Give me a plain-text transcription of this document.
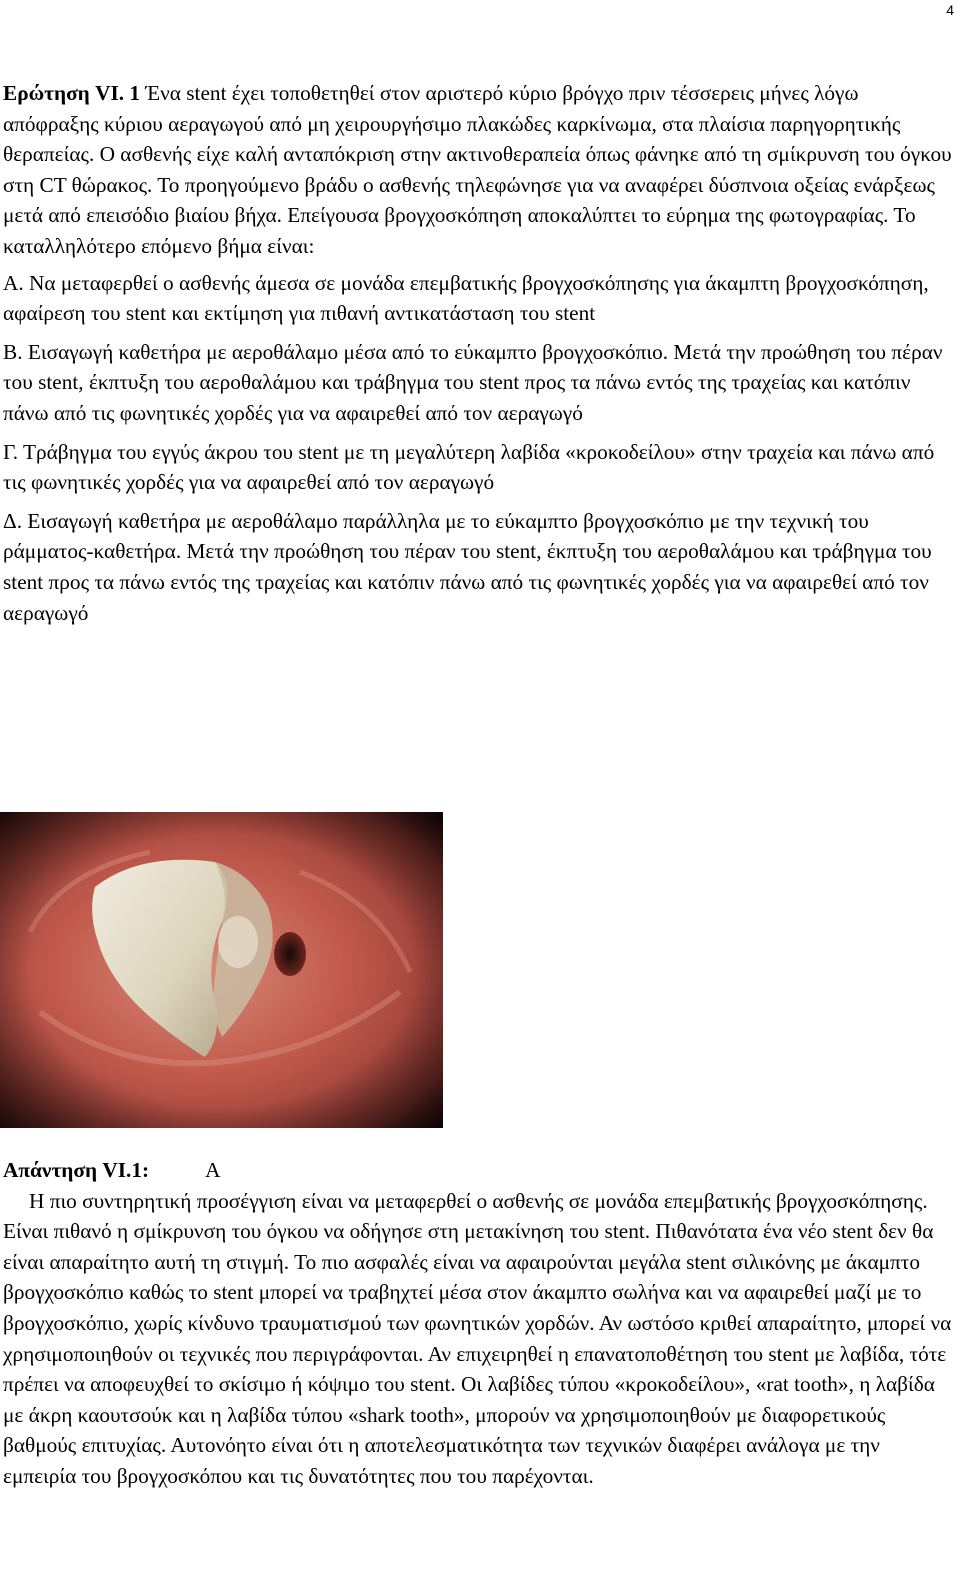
4

Ερώτηση VI. 1 Ένα stent έχει τοποθετηθεί στον αριστερό κύριο βρόγχο πριν τέσσερεις μήνες λόγω απόφραξης κύριου αεραγωγού από μη χειρουργήσιμο πλακώδες καρκίνωμα, στα πλαίσια παρηγορητικής θεραπείας. Ο ασθενής είχε καλή ανταπόκριση στην ακτινοθεραπεία όπως φάνηκε από τη σμίκρυνση του όγκου στη CT θώρακος. Το προηγούμενο βράδυ ο ασθενής τηλεφώνησε για να αναφέρει δύσπνοια οξείας ενάρξεως μετά από επεισόδιο βιαίου βήχα. Επείγουσα βρογχοσκόπηση αποκαλύπτει το εύρημα της φωτογραφίας. Το καταλληλότερο επόμενο βήμα είναι:

Α. Να μεταφερθεί ο ασθενής άμεσα σε μονάδα επεμβατικής βρογχοσκόπησης για άκαμπτη βρογχοσκόπηση, αφαίρεση του stent και εκτίμηση για πιθανή αντικατάσταση του stent

Β. Εισαγωγή καθετήρα με αεροθάλαμο μέσα από το εύκαμπτο βρογχοσκόπιο. Μετά την προώθηση του πέραν του stent, έκπτυξη του αεροθαλάμου και τράβηγμα του stent προς τα πάνω εντός της τραχείας και κατόπιν πάνω από τις φωνητικές χορδές για να αφαιρεθεί από τον αεραγωγό

Γ. Τράβηγμα του εγγύς άκρου του stent με τη μεγαλύτερη λαβίδα «κροκοδείλου» στην τραχεία και πάνω από τις φωνητικές χορδές για να αφαιρεθεί από τον αεραγωγό

Δ. Εισαγωγή καθετήρα με αεροθάλαμο παράλληλα με το εύκαμπτο βρογχοσκόπιο με την τεχνική του ράμματος-καθετήρα. Μετά την προώθηση του πέραν του stent, έκπτυξη του αεροθαλάμου και τράβηγμα του stent προς τα πάνω εντός της τραχείας και κατόπιν πάνω από τις φωνητικές χορδές για να αφαιρεθεί από τον αεραγωγό

Απάντηση VI.1:	Α

Η πιο συντηρητική προσέγγιση είναι να μεταφερθεί ο ασθενής σε μονάδα επεμβατικής βρογχοσκόπησης. Είναι πιθανό η σμίκρυνση του όγκου να οδήγησε στη μετακίνηση του stent. Πιθανότατα ένα νέο stent δεν θα είναι απαραίτητο αυτή τη στιγμή. Το πιο ασφαλές είναι να αφαιρούνται μεγάλα stent σιλικόνης με άκαμπτο βρογχοσκόπιο καθώς το stent μπορεί να τραβηχτεί μέσα στον άκαμπτο σωλήνα και να αφαιρεθεί μαζί με το βρογχοσκόπιο, χωρίς κίνδυνο τραυματισμού των φωνητικών χορδών. Αν ωστόσο κριθεί απαραίτητο, μπορεί να χρησιμοποιηθούν οι τεχνικές που περιγράφονται. Αν επιχειρηθεί η επανατοποθέτηση του stent με λαβίδα, τότε πρέπει να αποφευχθεί το σκίσιμο ή κόψιμο του stent. Οι λαβίδες τύπου «κροκοδείλου», «rat tooth», η λαβίδα με άκρη καουτσούκ και η λαβίδα τύπου «shark tooth», μπορούν να χρησιμοποιηθούν με διαφορετικούς βαθμούς επιτυχίας. Αυτονόητο είναι ότι η αποτελεσματικότητα των τεχνικών διαφέρει ανάλογα με την εμπειρία του βρογχοσκόπου και τις δυνατότητες που του παρέχονται.
